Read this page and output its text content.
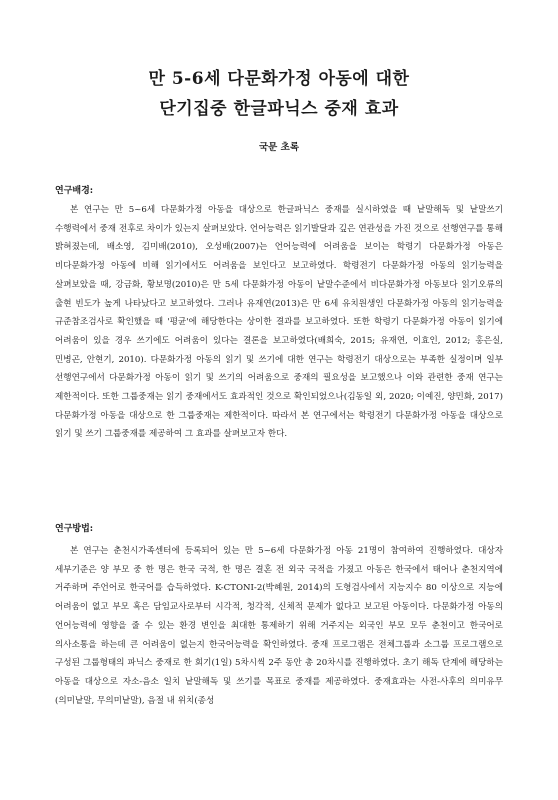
만 5-6세 다문화가정 아동에 대한
단기집중 한글파닉스 중재 효과
국문 초록
연구배경:

본 연구는 만 5~6세 다문화가정 아동을 대상으로 한글파닉스 중재를 실시하였을 때 낱말해독 및 낱말쓰기 수행력에서 중재 전후로 차이가 있는지 살펴보았다. 언어능력은 읽기발달과 깊은 연관성을 가진 것으로 선행연구를 통해 밝혀졌는데, 배소영, 김미배(2010), 오성배(2007)는 언어능력에 어려움을 보이는 학령기 다문화가정 아동은 비다문화가정 아동에 비해 읽기에서도 어려움을 보인다고 보고하였다. 학령전기 다문화가정 아동의 읽기능력을 살펴보았을 때, 강금화, 황보명(2010)은 만 5세 다문화가정 아동이 낱말수준에서 비다문화가정 아동보다 읽기오류의 출현 빈도가 높게 나타났다고 보고하였다. 그러나 유재연(2013)은 만 6세 유치원생인 다문화가정 아동의 읽기능력을 규준참조검사로 확인했을 때 '평균'에 해당한다는 상이한 결과를 보고하였다. 또한 학령기 다문화가정 아동이 읽기에 어려움이 있을 경우 쓰기에도 어려움이 있다는 결론을 보고하였다(배희숙, 2015; 유재연, 이효인, 2012; 홍은실, 민병곤, 안현기, 2010). 다문화가정 아동의 읽기 및 쓰기에 대한 연구는 학령전기 대상으로는 부족한 실정이며 일부 선행연구에서 다문화가정 아동이 읽기 및 쓰기의 어려움으로 중재의 필요성을 보고했으나 이와 관련한 중재 연구는 제한적이다. 또한 그룹중재는 읽기 중재에서도 효과적인 것으로 확인되었으나(김동일 외, 2020; 이예진, 양민화, 2017) 다문화가정 아동을 대상으로 한 그룹중재는 제한적이다. 따라서 본 연구에서는 학령전기 다문화가정 아동을 대상으로 읽기 및 쓰기 그룹중재를 제공하여 그 효과를 살펴보고자 한다.

연구방법:

본 연구는 춘천시가족센터에 등록되어 있는 만 5~6세 다문화가정 아동 21명이 참여하여 진행하였다. 대상자 세부기준은 양 부모 중 한 명은 한국 국적, 한 명은 결혼 전 외국 국적을 가졌고 아동은 한국에서 태어나 춘천지역에 거주하며 주언어로 한국어를 습득하였다. K-CTONI-2(박혜원, 2014)의 도형검사에서 지능지수 80 이상으로 지능에 어려움이 없고 부모 혹은 담임교사로부터 시각적, 청각적, 신체적 문제가 없다고 보고된 아동이다. 다문화가정 아동의 언어능력에 영향을 줄 수 있는 환경 변인을 최대한 통제하기 위해 거주지는 외국인 부모 모두 춘천이고 한국어로 의사소통을 하는데 큰 어려움이 없는지 한국어능력을 확인하였다. 중재 프로그램은 전체그룹과 소그룹 프로그램으로 구성된 그룹형태의 파닉스 중재로 한 회기(1일) 5차시씩 2주 동안 총 20차시를 진행하였다. 초기 해독 단계에 해당하는 아동을 대상으로 자소-음소 일치 낱말해독 및 쓰기를 목표로 중재를 제공하였다. 중재효과는 사전-사후의 의미유무(의미낱말, 무의미낱말), 음절 내 위치(종성
